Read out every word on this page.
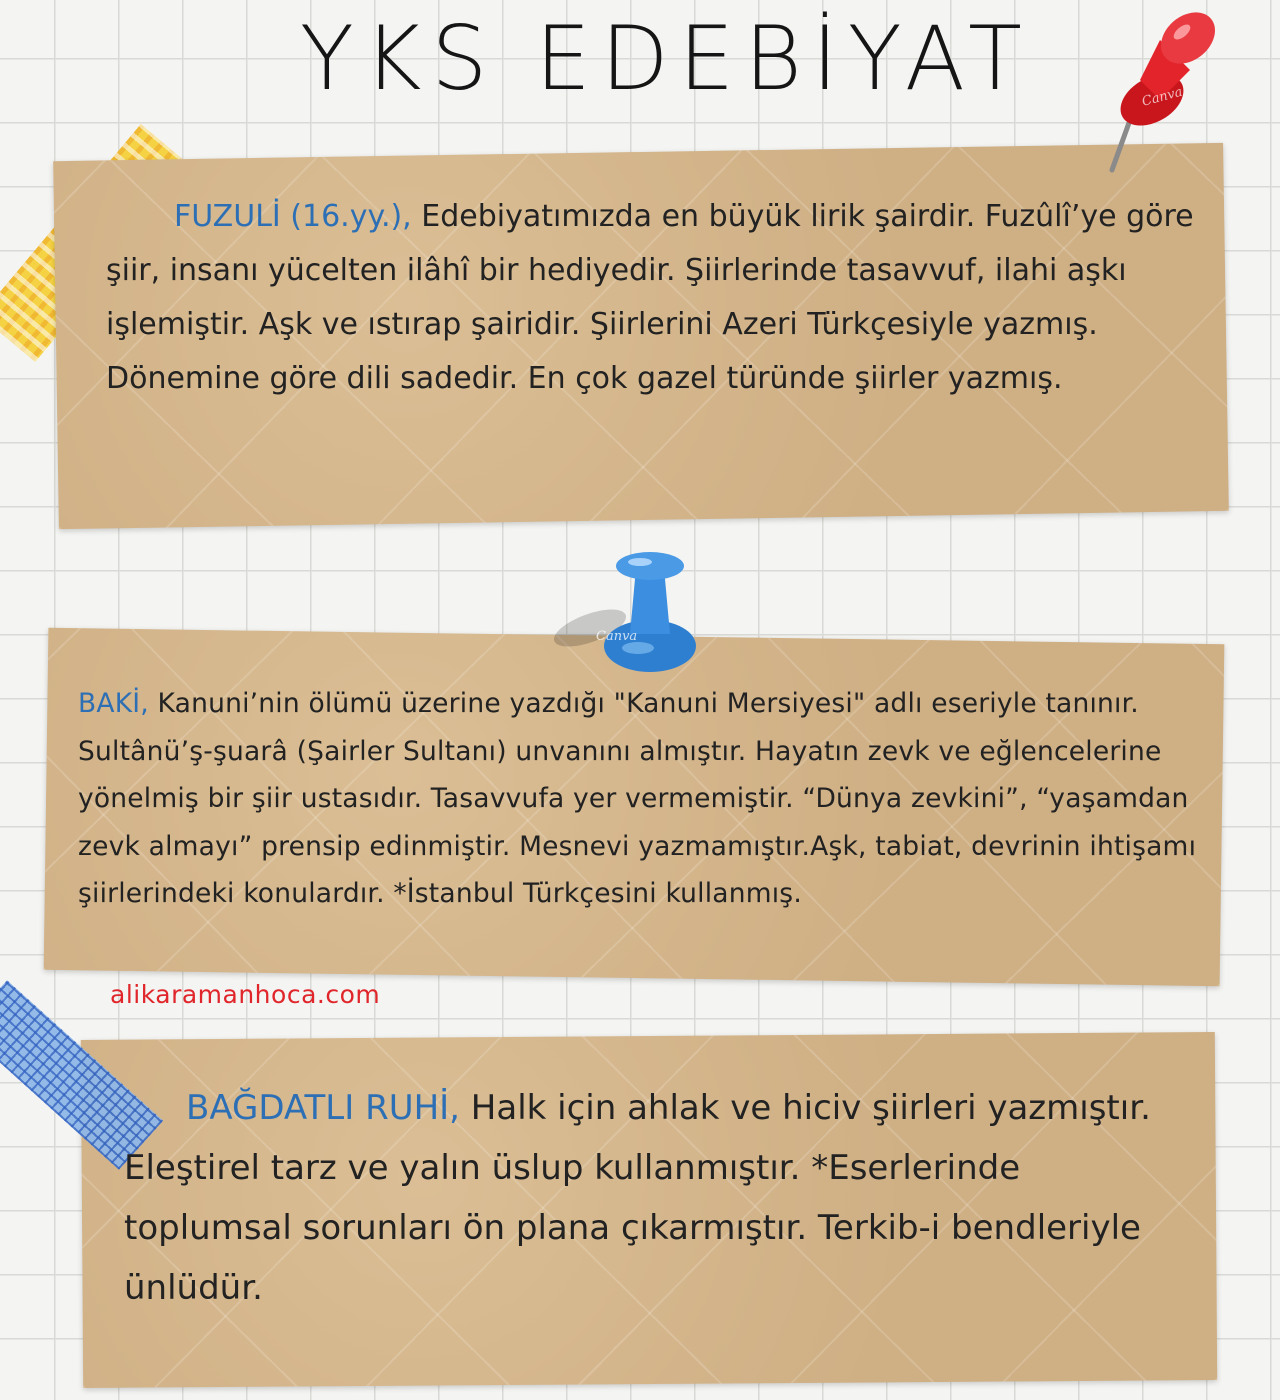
YKS EDEBİYAT	Canva
Canva
FUZULİ (16.yy.), Edebiyatımızda en büyük lirik şairdir. Fuzûlî’ye göre şiir, insanı yücelten ilâhî bir hediyedir. Şiirlerinde tasavvuf, ilahi aşkı işlemiştir. Aşk ve ıstırap şairidir. Şiirlerini Azeri Türkçesiyle yazmış. Dönemine göre dili sadedir. En çok gazel türünde şiirler yazmış.
BAKİ, Kanuni’nin ölümü üzerine yazdığı "Kanuni Mersiyesi" adlı eseriyle tanınır. Sultânü’ş-şuarâ (Şairler Sultanı) unvanını almıştır. Hayatın zevk ve eğlencelerine yönelmiş bir şiir ustasıdır. Tasavvufa yer vermemiştir. “Dünya zevkini”, “yaşamdan zevk almayı” prensip edinmiştir. Mesnevi yazmamıştır.Aşk, tabiat, devrinin ihtişamı şiirlerindeki konulardır. *İstanbul Türkçesini kullanmış.
alikaramanhoca.com
BAĞDATLI RUHİ, Halk için ahlak ve hiciv şiirleri yazmıştır. Eleştirel tarz ve yalın üslup kullanmıştır. *Eserlerinde toplumsal sorunları ön plana çıkarmıştır. Terkib-i bendleriyle ünlüdür.
